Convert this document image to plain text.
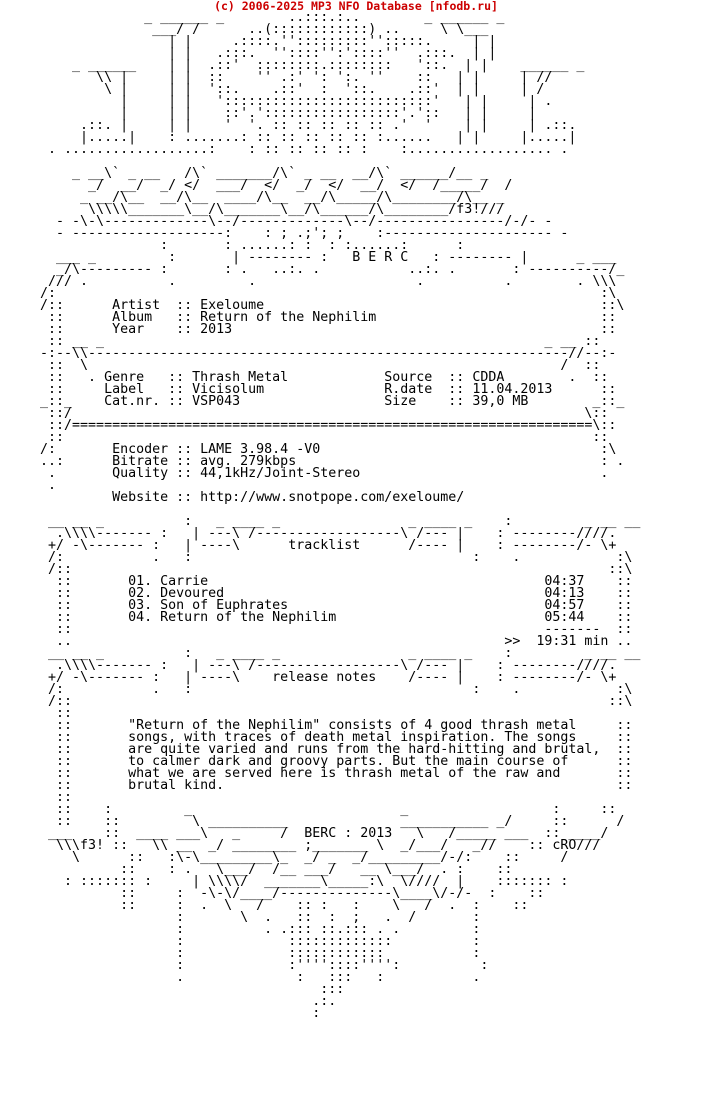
(c) 2006-2025 MP3 NFO Database [nfodb.ru]
_ ______ _        ..:::.:..        _ ______ _
___/ /      ..(::::::::::::) ..     \ \___
| |     .::::.'':::::::::'':::::.     | |
| |   .:::.  ''::::'':'::::''  .:::.  | |
_ ______    | |  .::'  ::::::::.::::::::   '::.  | |    ______ _
\\ |     | |  ::    '' .:' ': ':. ''    ::   | |     | //
\ |     | |  '::.    .::'  :  '::.    .::'  | |     | /
|     | |   '::::::::::::::::::::::::::'   | |     | .
|     | |    ::'.':::::::::::::::::'.'::   | |     |
.::. |     | |    '  '. :: :: :: :: :: .'  '    | |     | .::.
|.....|    : .......: :: :: :: :: :: :......   | |     |.....|
. ..................:    : :: :: :: :: :    :.................. .

_ __\` _ __   /\` _______/\` _ __  __/\` ______/__ _
_/  __/  _/ </  ___/  </  _/  </  __/  </  /_____/  /
_ __/\__  __/\__  ____/\__  __/\_____/\________/\__ _
\\\\\_______\__/\_______\__/\______/\________/f3!///
- -\-\-------------\--/-------------\--/----------------/-/- -
- -------------------:    : ; .;'; ;    :--------------------- -
:       : ......: :  : :......:      :
___ _         :       | -------- :   B E R C   : -------- |      _ ___
_/\--------- :       : .   ..:. .           ..:. .       : ----------/_
/// .          .         .                    .          .        . \\\
/:                                                                    :\
/::      Artist  :: Exeloume                                          ::\
::      Album   :: Return of the Nephilim                            ::
::      Year    :: 2013                                              ::
:: __ _                                                       _ __ ::
-:--\\------------------------------------------------------------//--:-
::  \                                                           /  ::
::   . Genre   :: Thrash Metal            Source  :: CDDA        .  ::
::     Label   :: Vicisolum               R.date  :: 11.04.2013      ::
_::_    Cat.nr. :: VSP043                  Size    :: 39,0 MB        _::_
::/                                                                \::
::/=================================================================\::
::                                                                  ::
/:       Encoder :: LAME 3.98.4 -V0                                   :\
..:      Bitrate :: avg. 279kbps                                      : .
.       Quality :: 44,1kHz/Joint-Stereo                              .
.
Website :: http://www.snotpope.com/exeloume/

__ __ _          :   _ ____ _                _ ____ _    :         _ __ __
.\\\\------- :   | ---\ /------------------\ /--- |    : --------////.
+/ -\------- :   | ----\      tracklist      /---- |    : --------/- \+
/:           .   :                                   :    .            :\
/::                                                                   ::\
::       01. Carrie                                          04:37    ::
::       02. Devoured                                        04:13    ::
::       03. Son of Euphrates                                04:57    ::
::       04. Return of the Nephilim                          05:44    ::
::                                                           -------  ::
..                                                      >>  19:31 min ..
__ __ _          :   _ ____ _                _ ____ _    :         _ __ __
.\\\\------- :   | ---\ /------------------\ /--- |    : --------////.
+/ -\------- :   | ----\    release notes    /---- |    : --------/- \+
/:           .   :                                   :    .            :\
/::                                                                   ::\
::
::       "Return of the Nephilim" consists of 4 good thrash metal     ::
::       songs, with traces of death metal inspiration. The songs     ::
::       are quite varied and runs from the hard-hitting and brutal,  ::
::       to calmer dark and groovy parts. But the main course of      ::
::       what we are served here is thrash metal of the raw and       ::
::       brutal kind.                                                 ::
::
::    :         _                          _                  :     ::
::    ::         \ __________              ___________ _/     ::      /
___    ::  ____ ___\   _     /  BERC : 2013   \   /_____ ___  :: ____/
\\\f3! ::   \\ __  _/ ________ ;_______ \  _/___/   _//    :: cRO///
\      ::   :\-\_________\_  _/ _  _/_________/-/:    ::     /
::    : .   \___/  /__ ___/   __ \___/  . :    ::
: ::::::: :     | \\\\/  _______\_____:\  \////  |    ::::::: :
::     :  -\-\/____/--------------\____\/-/-  :    ::
::     :  .  \   /    :: :   :    \   /  .  :    ::
:       \  .   ::  :  ;   .  /       :
:          . .::: ::.::: . .         :
:             :::::::::::::          :
:             ::::::::::::           :
:             :''''::::'''':          :
.              :   :::   :           .
:::
.:.
:
